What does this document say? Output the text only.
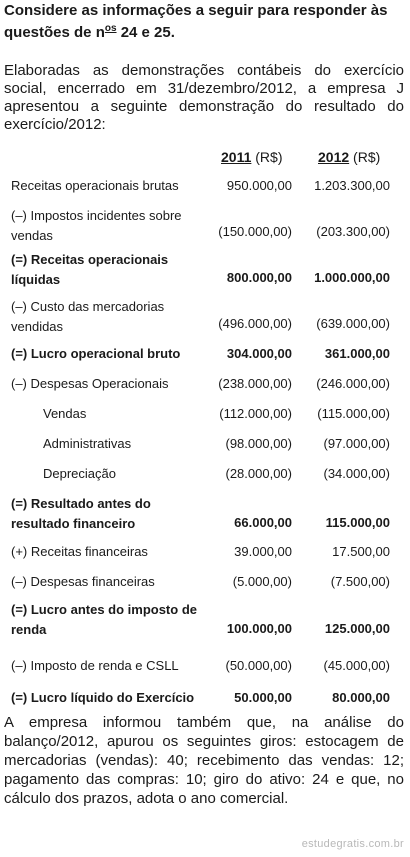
Considere as informações a seguir para responder às questões de $n^{os}$ 24 e 25.
Elaboradas as demonstrações contábeis do exercício social, encerrado em 31/dezembro/2012, a empresa J apresentou a seguinte demonstração do resultado do exercício/2012:
2011 (R$)	2012 (R$)
Receitas operacionais brutas	950.000,00 1.203.300,00
(–) Impostos incidentes sobre vendas	(150.000,00) (203.300,00)
(=) Receitas operacionais líquidas	800.000,00 1.000.000,00
(–) Custo das mercadorias vendidas	(496.000,00) (639.000,00)
(=) Lucro operacional bruto	304.000,00	361.000,00
(–) Despesas Operacionais	(238.000,00) (246.000,00)
Vendas	(112.000,00) (115.000,00)
Administrativas	(98.000,00) (97.000,00)
Depreciação	(28.000,00) (34.000,00)
(=) Resultado antes do resultado financeiro	66.000,00	115.000,00
(+) Receitas financeiras	39.000,00	17.500,00
(–) Despesas financeiras	(5.000,00)	(7.500,00)
(=) Lucro antes do imposto de renda	100.000,00	125.000,00
(–) Imposto de renda e CSLL	(50.000,00) (45.000,00)
(=) Lucro líquido do Exercício	50.000,00	80.000,00
A empresa informou também que, na análise do balanço/2012, apurou os seguintes giros: estocagem de mercadorias (vendas): 40; recebimento das vendas: 12; pagamento das compras: 10; giro do ativo: 24 e que, no cálculo dos prazos, adota o ano comercial.
estudegratis.com.br
